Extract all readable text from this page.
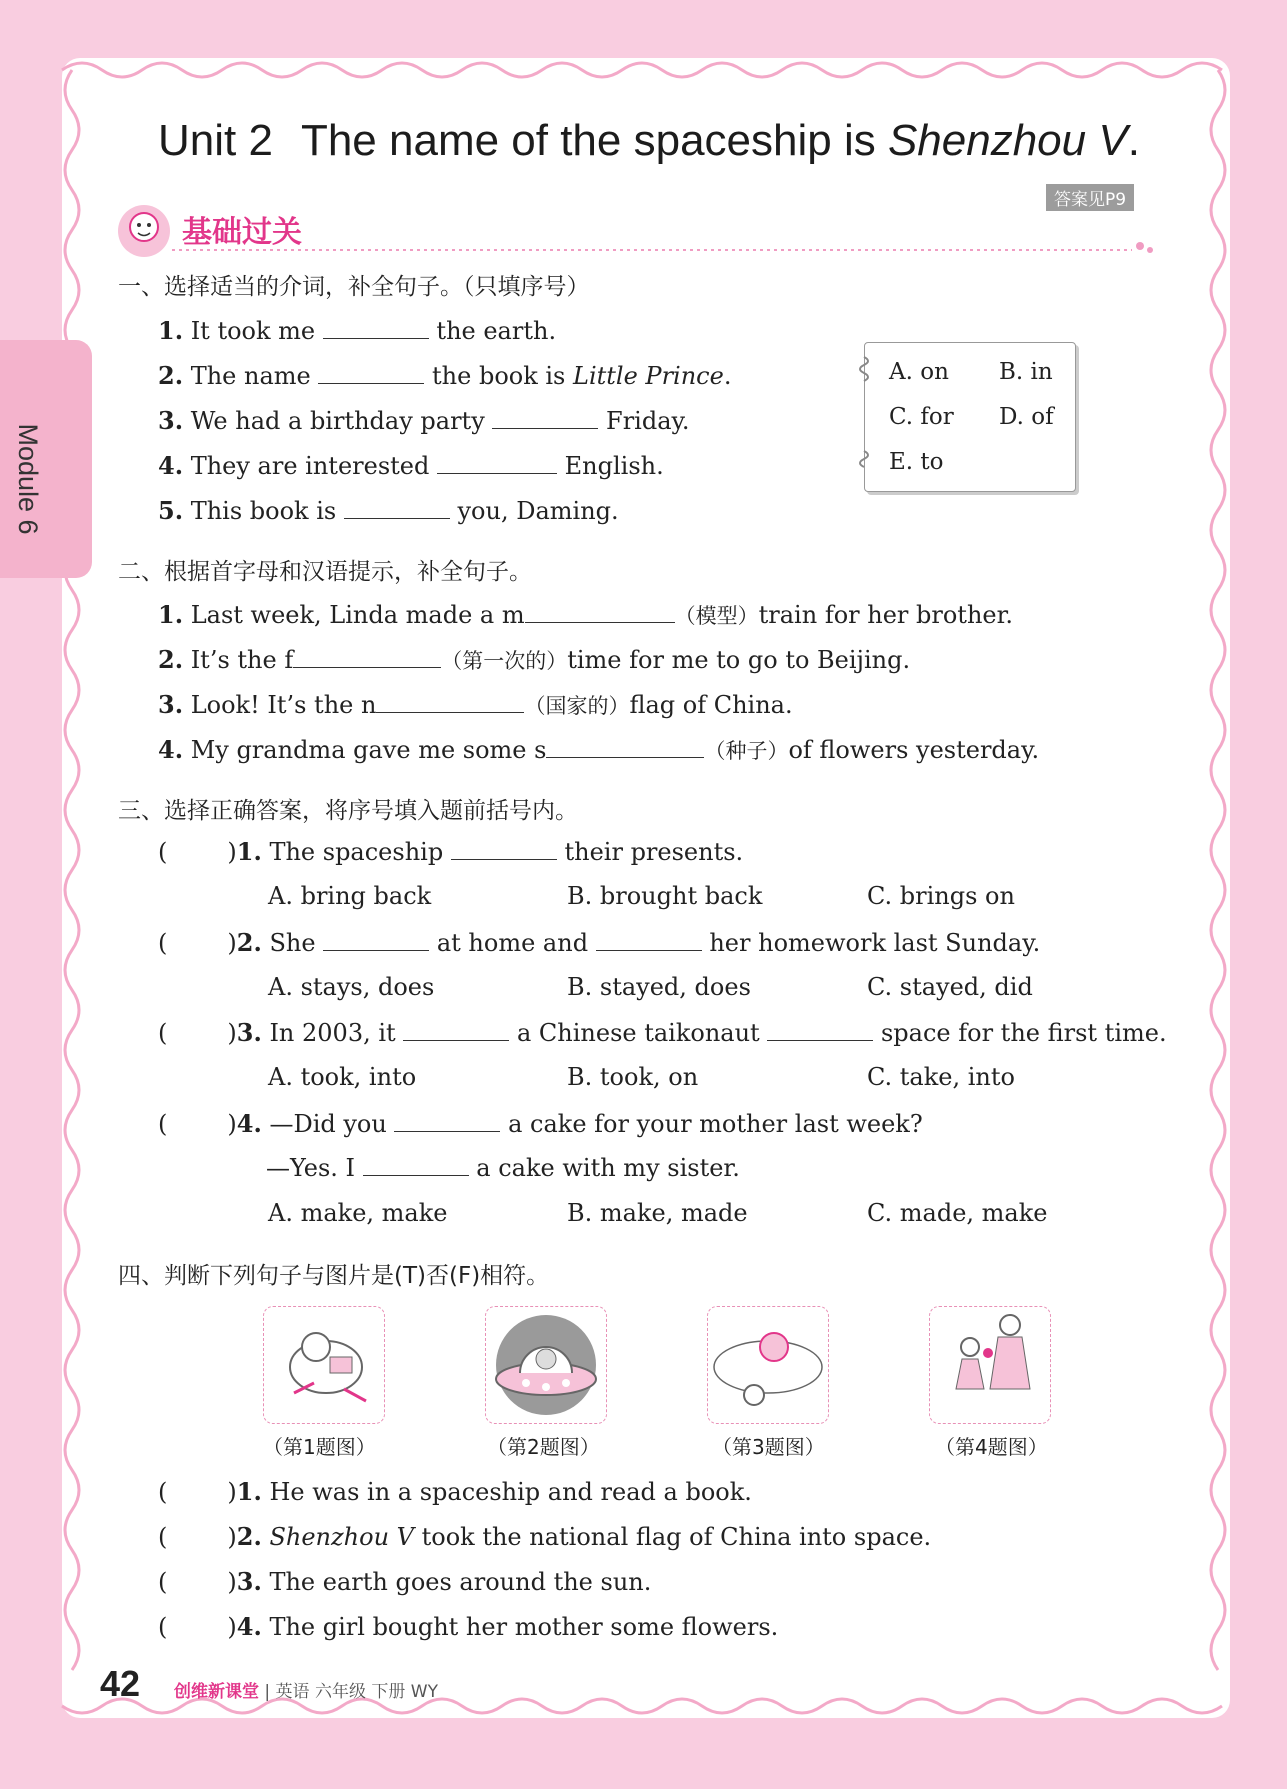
Module 6
Unit 2 The name of the spaceship is Shenzhou V.
答案见P9
基础过关
一、选择适当的介词，补全句子。（只填序号）
1. It took me	the earth.
2. The name	the book is Little Prince.
3. We had a birthday party	Friday.
4. They are interested	English.
5. This book is	you, Daming.
A. on B. in
C. for D. of
E. to
二、根据首字母和汉语提示，补全句子。
1. Last week, Linda made a m	（模型）train for her brother.
2. It’s the f	（第一次的）time for me to go to Beijing.
3. Look! It’s the n	（国家的）flag of China.
4. My grandma gave me some s	（种子）of flowers yesterday.
三、选择正确答案，将序号填入题前括号内。
(	)1. The spaceship	their presents.
A. bring back	B. brought back	C. brings on
(	)2. She	at home and	her homework last Sunday.
A. stays, does	B. stayed, does	C. stayed, did
(	)3. In 2003, it	a Chinese taikonaut	space for the first time.
A. took, into	B. took, on	C. take, into
(	)4. —Did you	a cake for your mother last week?
—Yes. I	a cake with my sister.
A. make, make	B. make, made	C. made, make
四、判断下列句子与图片是(T)否(F)相符。
（第1题图）	（第2题图）	（第3题图）	（第4题图）
(	)1. He was in a spaceship and read a book.
(	)2. Shenzhou V took the national flag of China into space.
(	)3. The earth goes around the sun.
(	)4. The girl bought her mother some flowers.
42 创维新课堂 | 英语 六年级 下册 WY
